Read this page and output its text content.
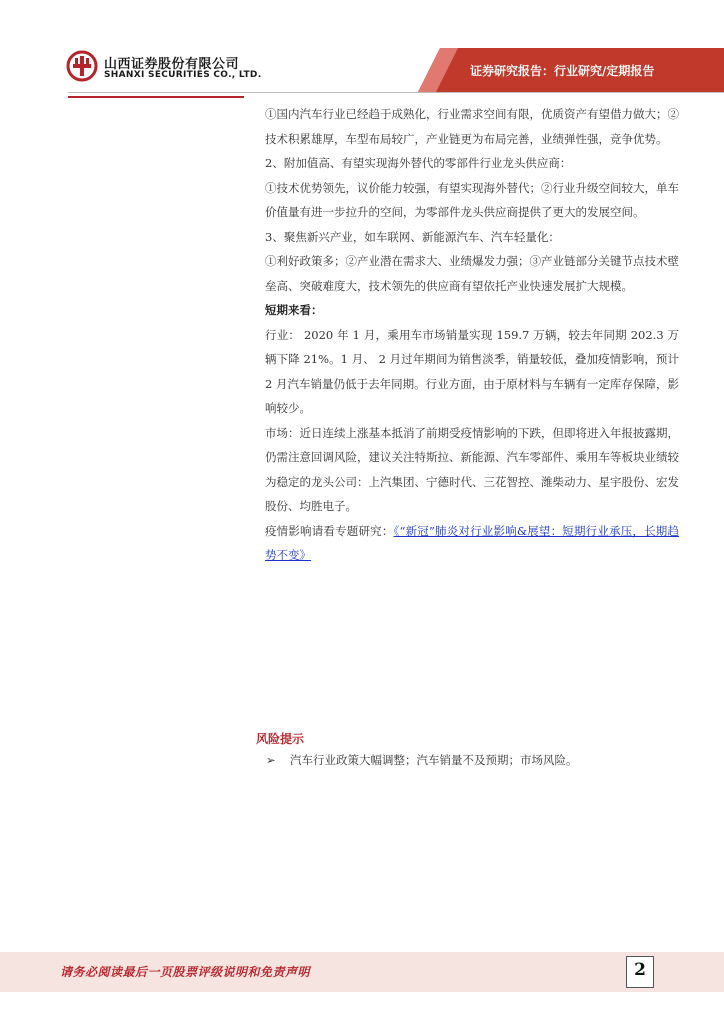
山西证券股份有限公司
SHANXI SECURITIES CO., LTD.	证券研究报告：行业研究/定期报告

①国内汽车行业已经趋于成熟化，行业需求空间有限，优质资产有望借力做大；②技术积累雄厚，车型布局较广，产业链更为布局完善，业绩弹性强，竞争优势。

2、附加值高、有望实现海外替代的零部件行业龙头供应商：

①技术优势领先，议价能力较强，有望实现海外替代；②行业升级空间较大，单车价值量有进一步拉升的空间，为零部件龙头供应商提供了更大的发展空间。

3、聚焦新兴产业，如车联网、新能源汽车、汽车轻量化：

①利好政策多；②产业潜在需求大、业绩爆发力强；③产业链部分关键节点技术壁垒高、突破难度大，技术领先的供应商有望依托产业快速发展扩大规模。

短期来看：

行业： 2020 年 1 月，乘用车市场销量实现 159.7 万辆，较去年同期 202.3 万辆下降 21%。1 月、 2 月过年期间为销售淡季，销量较低，叠加疫情影响，预计 2 月汽车销量仍低于去年同期。行业方面，由于原材料与车辆有一定库存保障，影响较少。

市场：近日连续上涨基本抵消了前期受疫情影响的下跌，但即将进入年报披露期，仍需注意回调风险，建议关注特斯拉、新能源、汽车零部件、乘用车等板块业绩较为稳定的龙头公司：上汽集团、宁德时代、三花智控、潍柴动力、星宇股份、宏发股份、均胜电子。

疫情影响请看专题研究：《“新冠”肺炎对行业影响&展望：短期行业承压，长期趋势不变》

风险提示
➢ 汽车行业政策大幅调整；汽车销量不及预期；市场风险。
请务必阅读最后一页股票评级说明和免责声明	2
